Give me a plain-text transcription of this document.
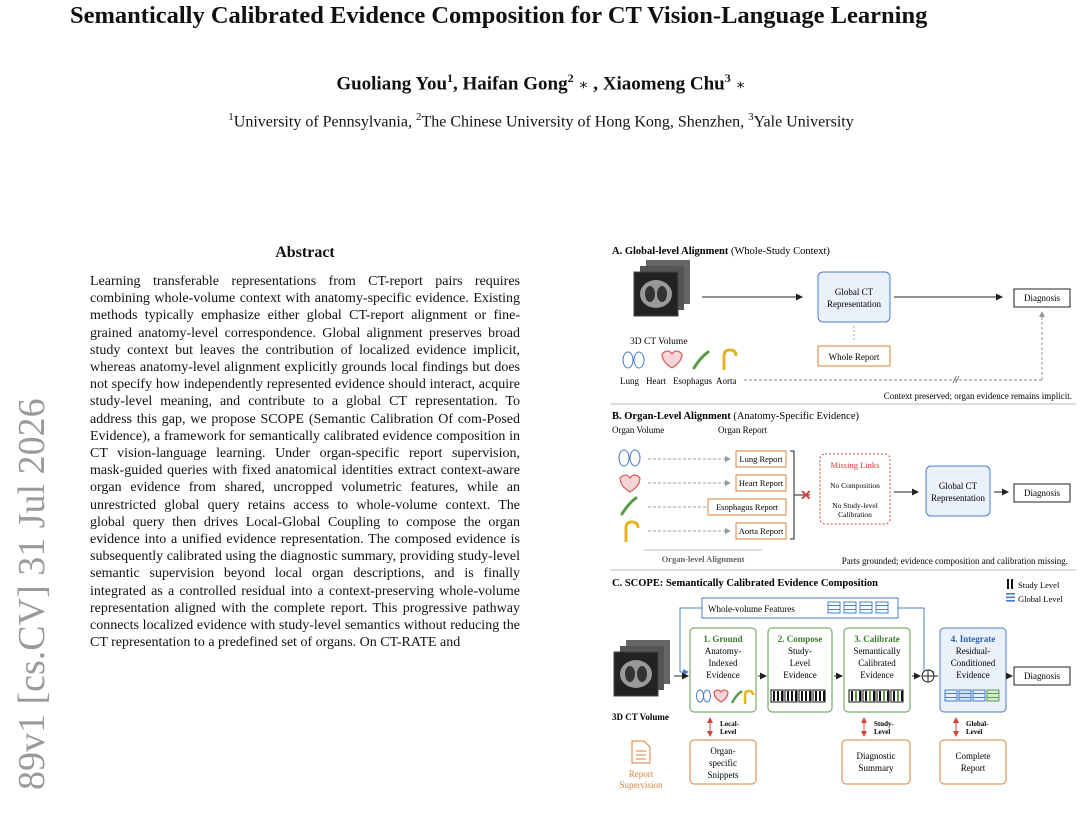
Semantically Calibrated Evidence Composition for CT Vision-Language Learning
Guoliang You$^1$, Haifan Gong$^2$ ∗ , Xiaomeng Chu$^3$ ∗
$^1$University of Pennsylvania, $^2$The Chinese University of Hong Kong, Shenzhen, $^3$Yale University
89v1 [cs.CV] 31 Jul 2026
Abstract
Learning transferable representations from CT-report pairs requires combining whole-volume context with anatomy-specific evidence. Existing methods typically emphasize either global CT-report alignment or fine-grained anatomy-level correspondence. Global alignment preserves broad study context but leaves the contribution of localized evidence implicit, whereas anatomy-level alignment explicitly grounds local findings but does not specify how independently represented evidence should interact, acquire study-level meaning, and contribute to a global CT representation. To address this gap, we propose SCOPE (Semantic Calibration Of com-Posed Evidence), a framework for semantically calibrated evidence composition in CT vision-language learning. Under organ-specific report supervision, mask-guided queries with fixed anatomical identities extract context-aware organ evidence from shared, uncropped volumetric features, while an unrestricted global query retains access to whole-volume context. The global query then drives Local-Global Coupling to compose the organ evidence into a unified evidence representation. The composed evidence is subsequently calibrated using the diagnostic summary, providing study-level semantic supervision beyond local organ descriptions, and is finally integrated as a controlled residual into a context-preserving whole-volume representation aligned with the complete report. This progressive pathway connects localized evidence with study-level semantics without reducing the CT representation to a predefined set of organs. On CT-RATE and
A. Global-level Alignment (Whole-Study Context)
3D CT Volume
Global CT
Representation
Diagnosis
Whole Report
Lung Heart Esophagus Aorta	//
Context preserved; organ evidence remains implicit.
B. Organ-Level Alignment (Anatomy-Specific Evidence)
Organ Volume	Organ Report
Lung Report
Heart Report
Esophagus Report
Aorta Report
✕
Missing Links
No Composition
No Study-level
Calibration
Global CT
Representation	Diagnosis
Organ-level Alignment	Parts grounded; evidence composition and calibration missing.
C. SCOPE: Semantically Calibrated Evidence Composition	Study Level
Global Level
Whole-volume Features
3D CT Volume
1. Ground
Anatomy-
Indexed
Evidence
2. Compose
Study-
Level
Evidence
3. Calibrate
Semantically
Calibrated
Evidence
4. Integrate
Residual-
Conditioned
Evidence	Diagnosis
Local-
Level
Study-
Level
Global-
Level
Report
Supervision
Organ-
specific
Snippets
Diagnostic
Summary
Complete
Report
